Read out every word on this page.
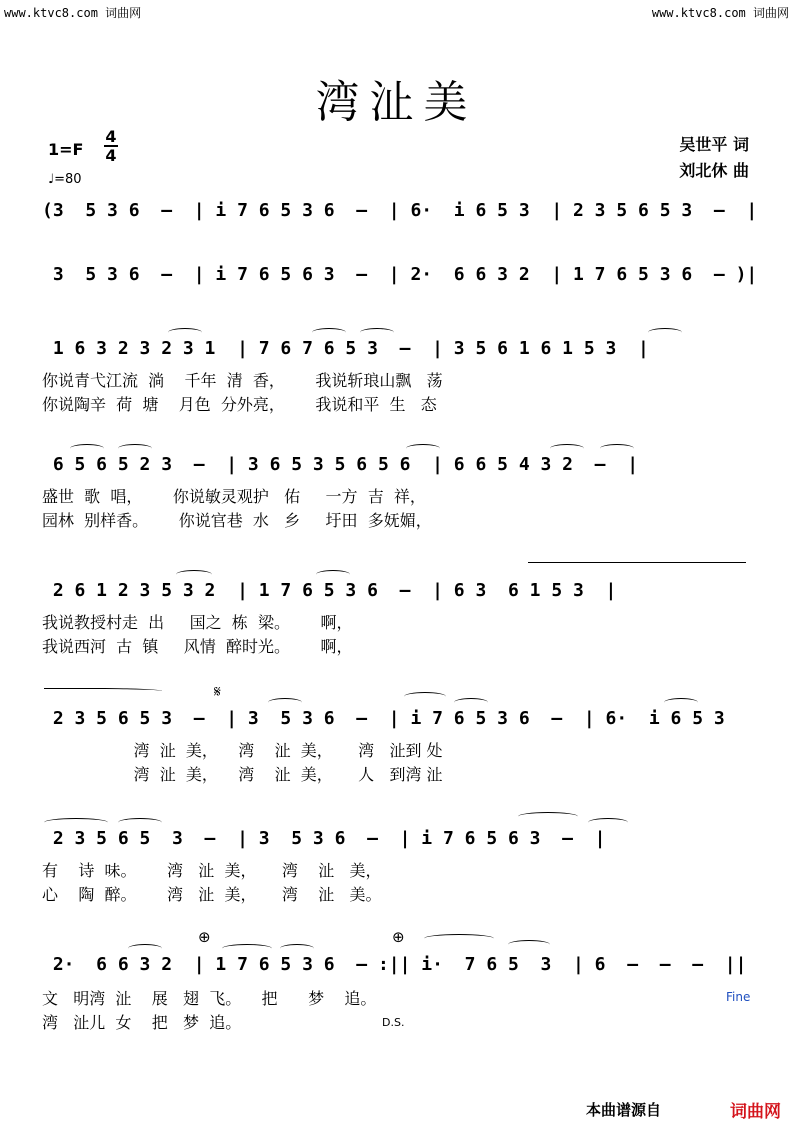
www.ktvc8.com 词曲网	www.ktvc8.com 词曲网
湾沚美
1=F
4
4
♩=80
吴世平 词
刘北休 曲
(3  5 3 6  –  | i 7 6 5 3 6  –  | 6·  i 6 5 3  | 2 3 5 6 5 3  –  |
3  5 3 6  –  | i 7 6 5 6 3  –  | 2·  6 6 3 2  | 1 7 6 5 3 6  – )|
1 6 3 2 3 2 3 1  | 7 6 7 6 5 3  –  | 3 5 6 1 6 1 5 3  |
你说青弋江流  淌    千年  清  香，      我说斩琅山飘   荡
你说陶辛  荷  塘    月色  分外亮，      我说和平  生   态
6 5 6 5 2 3  –  | 3 6 5 3 5 6 5 6  | 6 6 5 4 3 2  –  |
盛世  歌  唱，      你说敏灵观护   佑     一方  吉  祥，
园林  别样香。      你说官巷  水   乡     圩田  多妩媚，
2 6 1 2 3 5 3 2  | 1 7 6 5 3 6  –  | 6 3  6 1 5 3  |
我说教授村走  出     国之  栋  梁。      啊，
我说西河  古  镇     风情  醉时光。      啊，
𝄋
2 3 5 6 5 3  –  | 3  5 3 6  –  | i 7 6 5 3 6  –  | 6·  i 6 5 3
湾  沚  美，    湾    沚  美，     湾   沚到 处
湾  沚  美，    湾    沚  美，     人   到湾 沚
2 3 5 6 5  3  –  | 3  5 3 6  –  | i 7 6 5 6 3  –  |
有    诗  味。      湾   沚  美，     湾    沚   美，
心    陶  醉。      湾   沚  美，     湾    沚   美。
⊕	⊕
2·  6 6 3 2  | 1 7 6 5 3 6  – :|| i·  7 6 5  3  | 6  –  –  –  ||
文   明湾  沚    展   翅  飞。    把      梦    追。
湾   沚儿  女    把   梦  追。	D.S.
Fine
本曲谱源自	词曲网
